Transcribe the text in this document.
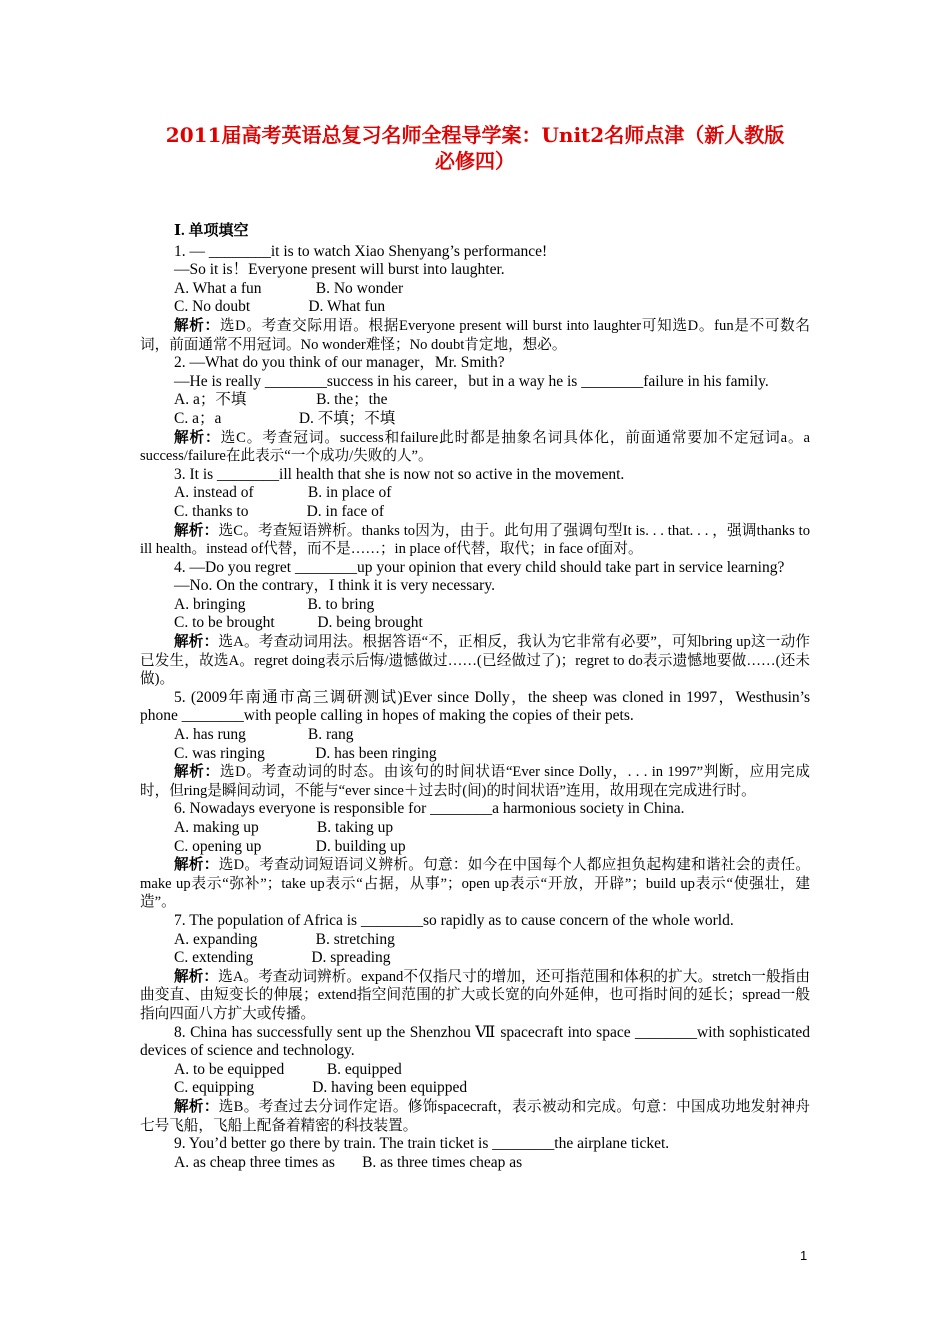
2011届高考英语总复习名师全程导学案：Unit2名师点津（新人教版
必修四）
Ⅰ. 单项填空
1. — ________it is to watch Xiao Shenyang’s performance!
—So it is！Everyone present will burst into laughter.
A. What a fun              B. No wonder
C. No doubt               D. What fun
解析：选D。考查交际用语。根据Everyone present will burst into laughter可知选D。fun是不可数名词，前面通常不用冠词。No wonder难怪；No doubt肯定地，想必。
2. —What do you think of our manager，Mr. Smith?
—He is really ________success in his career，but in a way he is ________failure in his family.
A. a；不填                  B. the；the
C. a；a                    D. 不填；不填
解析：选C。考查冠词。success和failure此时都是抽象名词具体化，前面通常要加不定冠词a。a success/failure在此表示“一个成功/失败的人”。
3. It is ________ill health that she is now not so active in the movement.
A. instead of              B. in place of
C. thanks to               D. in face of
解析：选C。考查短语辨析。thanks to因为，由于。此句用了强调句型It is. . . that. . . ，强调thanks to ill health。instead of代替，而不是……；in place of代替，取代；in face of面对。
4. —Do you regret ________up your opinion that every child should take part in service learning?
—No. On the contrary，I think it is very necessary.
A. bringing                B. to bring
C. to be brought           D. being brought
解析：选A。考查动词用法。根据答语“不，正相反，我认为它非常有必要”，可知bring up这一动作已发生，故选A。regret doing表示后悔/遗憾做过……(已经做过了)；regret to do表示遗憾地要做……(还未做)。
5. (2009年南通市高三调研测试)Ever since Dolly，the sheep was cloned in 1997，Westhusin’s phone ________with people calling in hopes of making the copies of their pets.
A. has rung                B. rang
C. was ringing             D. has been ringing
解析：选D。考查动词的时态。由该句的时间状语“Ever since Dolly，. . . in 1997”判断，应用完成时，但ring是瞬间动词，不能与“ever since＋过去时(间)的时间状语”连用，故用现在完成进行时。
6. Nowadays everyone is responsible for ________a harmonious society in China.
A. making up               B. taking up
C. opening up              D. building up
解析：选D。考查动词短语词义辨析。句意：如今在中国每个人都应担负起构建和谐社会的责任。make up表示“弥补”；take up表示“占据，从事”；open up表示“开放，开辟”；build up表示“使强壮，建造”。
7. The population of Africa is ________so rapidly as to cause concern of the whole world.
A. expanding               B. stretching
C. extending               D. spreading
解析：选A。考查动词辨析。expand不仅指尺寸的增加，还可指范围和体积的扩大。stretch一般指由曲变直、由短变长的伸展；extend指空间范围的扩大或长宽的向外延伸，也可指时间的延长；spread一般指向四面八方扩大或传播。
8. China has successfully sent up the Shenzhou Ⅶ spacecraft into space ________with sophisticated devices of science and technology.
A. to be equipped           B. equipped
C. equipping               D. having been equipped
解析：选B。考查过去分词作定语。修饰spacecraft，表示被动和完成。句意：中国成功地发射神舟七号飞船，飞船上配备着精密的科技装置。
9. You’d better go there by train. The train ticket is ________the airplane ticket.
A. as cheap three times as       B. as three times cheap as
1
